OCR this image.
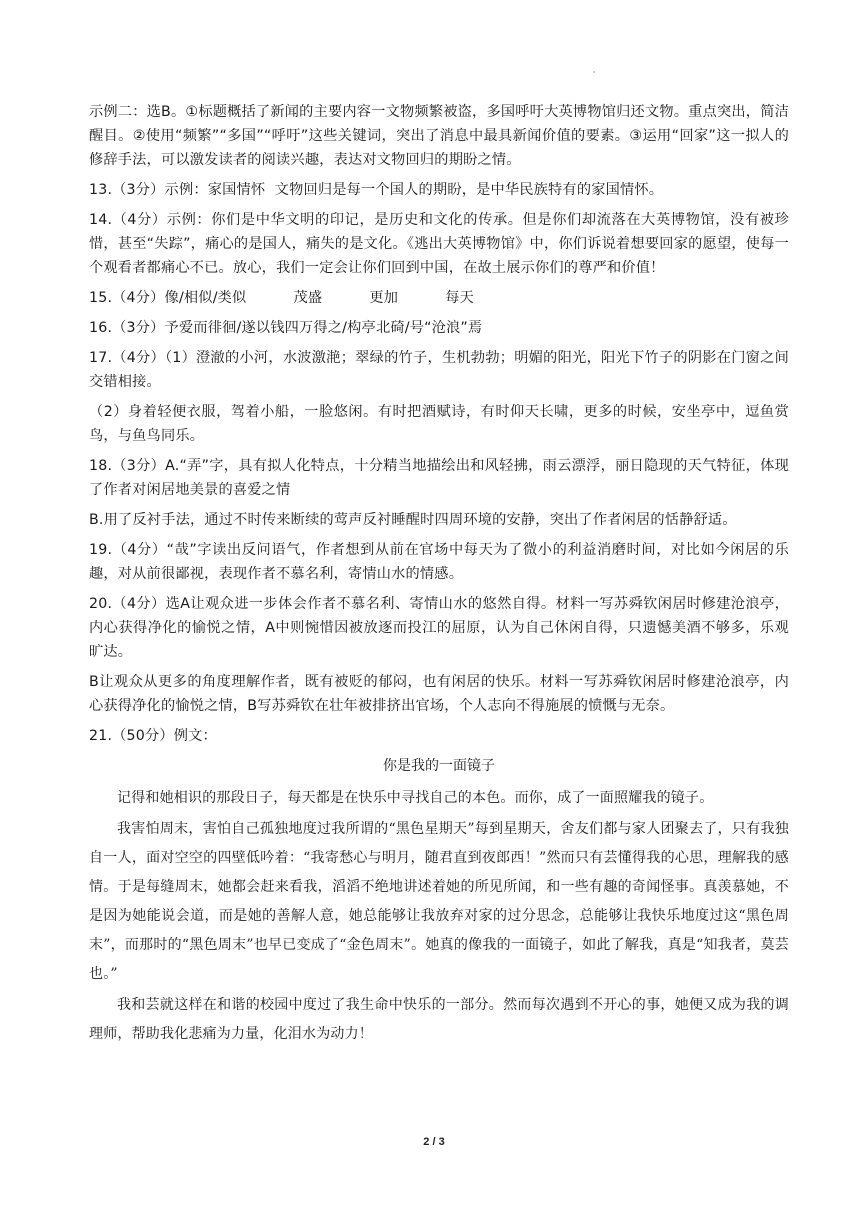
示例二：选B。①标题概括了新闻的主要内容一文物频繁被盗，多国呼吁大英博物馆归还文物。重点突出，简洁醒目。②使用“频繁”“多国”“呼吁”这些关键词，突出了消息中最具新闻价值的要素。③运用“回家”这一拟人的修辞手法，可以激发读者的阅读兴趣，表达对文物回归的期盼之情。

13.（3分）示例：家国情怀  文物回归是每一个国人的期盼，是中华民族特有的家国情怀。

14.（4分）示例：你们是中华文明的印记，是历史和文化的传承。但是你们却流落在大英博物馆，没有被珍惜，甚至“失踪”，痛心的是国人，痛失的是文化。《逃出大英博物馆》中，你们诉说着想要回家的愿望，使每一个观看者都痛心不已。放心，我们一定会让你们回到中国，在故土展示你们的尊严和价值！

15.（4分）像/相似/类似          茂盛          更加          每天

16.（3分）予爱而徘徊/遂以钱四万得之/构亭北碕/号“沧浪”焉

17.（4分）（1）澄澈的小河，水波激滟；翠绿的竹子，生机勃勃；明媚的阳光，阳光下竹子的阴影在门窗之间交错相接。

（2）身着轻便衣服，驾着小船，一脸悠闲。有时把酒赋诗，有时仰天长啸，更多的时候，安坐亭中，逗鱼赏鸟，与鱼鸟同乐。

18.（3分）A.“弄”字，具有拟人化特点，十分精当地描绘出和风轻拂，雨云漂浮，丽日隐现的天气特征，体现了作者对闲居地美景的喜爱之情

B.用了反衬手法，通过不时传来断续的莺声反衬睡醒时四周环境的安静，突出了作者闲居的恬静舒适。

19.（4分）“哉”字读出反问语气，作者想到从前在官场中每天为了微小的利益消磨时间，对比如今闲居的乐趣，对从前很鄙视，表现作者不慕名利，寄情山水的情感。

20.（4分）选A让观众进一步体会作者不慕名利、寄情山水的悠然自得。材料一写苏舜钦闲居时修建沧浪亭，内心获得净化的愉悦之情，A中则惋惜因被放逐而投江的屈原，认为自己休闲自得，只遗憾美酒不够多，乐观旷达。

B让观众从更多的角度理解作者，既有被贬的郁闷，也有闲居的快乐。材料一写苏舜钦闲居时修建沧浪亭，内心获得净化的愉悦之情，B写苏舜钦在壮年被排挤出官场，个人志向不得施展的愤慨与无奈。

21.（50分）例文：

你是我的一面镜子

记得和她相识的那段日子，每天都是在快乐中寻找自己的本色。而你，成了一面照耀我的镜子。

我害怕周末，害怕自己孤独地度过我所谓的“黑色星期天”每到星期天，舍友们都与家人团聚去了，只有我独自一人，面对空空的四壁低吟着：“我寄愁心与明月，随君直到夜郎西！”然而只有芸懂得我的心思，理解我的感情。于是每缝周末，她都会赶来看我，滔滔不绝地讲述着她的所见所闻，和一些有趣的奇闻怪事。真羡慕她，不是因为她能说会道，而是她的善解人意，她总能够让我放弃对家的过分思念，总能够让我快乐地度过这“黑色周末”，而那时的“黑色周末”也早已变成了“金色周末”。她真的像我的一面镜子，如此了解我，真是“知我者，莫芸也。”

我和芸就这样在和谐的校园中度过了我生命中快乐的一部分。然而每次遇到不开心的事，她便又成为我的调理师，帮助我化悲痛为力量，化泪水为动力！

2 / 3
